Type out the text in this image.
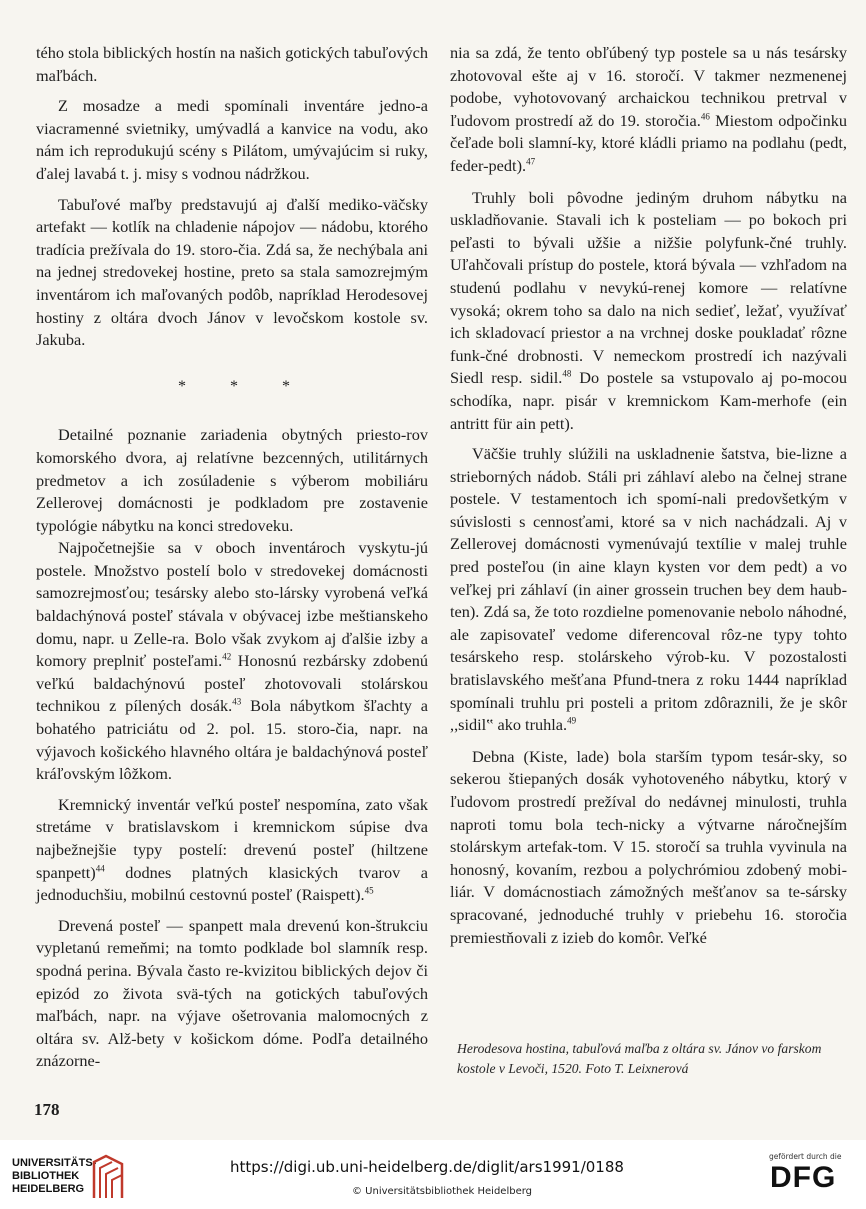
tého stola biblických hostín na našich gotických tabuľových maľbách.

Z mosadze a medi spomínali inventáre jedno-a viacramenné svietniky, umývadlá a kanvice na vodu, ako nám ich reprodukujú scény s Pilátom, umývajúcim si ruky, ďalej lavabá t. j. misy s vodnou nádržkou.

Tabuľové maľby predstavujú aj ďalší mediko-väčsky artefakt — kotlík na chladenie nápojov — nádobu, ktorého tradícia prežívala do 19. storo-čia. Zdá sa, že nechýbala ani na jednej stredovekej hostine, preto sa stala samozrejmým inventárom ich maľovaných podôb, napríklad Herodesovej hostiny z oltára dvoch Jánov v levočskom kostole sv. Jakuba.

* * *

Detailné poznanie zariadenia obytných priesto-rov komorského dvora, aj relatívne bezcenných, utilitárnych predmetov a ich zosúladenie s výberom mobiliáru Zellerovej domácnosti je podkladom pre zostavenie typológie nábytku na konci stredoveku.

Najpočetnejšie sa v oboch inventároch vyskytu-jú postele. Množstvo postelí bolo v stredovekej domácnosti samozrejmosťou; tesársky alebo sto-lársky vyrobená veľká baldachýnová posteľ stávala v obývacej izbe meštianskeho domu, napr. u Zelle-ra. Bolo však zvykom aj ďalšie izby a komory preplniť posteľami.$^{42}$ Honosnú rezbársky zdobenú veľkú baldachýnovú posteľ zhotovovali stolárskou technikou z pílených dosák.$^{43}$ Bola nábytkom šľachty a bohatého patriciátu od 2. pol. 15. storo-čia, napr. na výjavoch košického hlavného oltára je baldachýnová posteľ kráľovským lôžkom.

Kremnický inventár veľkú posteľ nespomína, zato však stretáme v bratislavskom i kremnickom súpise dva najbežnejšie typy postelí: drevenú posteľ (hiltzene spanpett)$^{44}$ dodnes platných klasických tvarov a jednoduchšiu, mobilnú cestovnú posteľ (Raispett).$^{45}$

Drevená posteľ — spanpett mala drevenú kon-štrukciu vypletanú remeňmi; na tomto podklade bol slamník resp. spodná perina. Bývala často re-kvizitou biblických dejov či epizód zo života svä-tých na gotických tabuľových maľbách, napr. na výjave ošetrovania malomocných z oltára sv. Alž-bety v košickom dóme. Podľa detailného znázorne-

nia sa zdá, že tento obľúbený typ postele sa u nás tesársky zhotovoval ešte aj v 16. storočí. V takmer nezmenenej podobe, vyhotovovaný archaickou technikou pretrval v ľudovom prostredí až do 19. storočia.$^{46}$ Miestom odpočinku čeľade boli slamní-ky, ktoré kládli priamo na podlahu (pedt, feder-pedt).$^{47}$

Truhly boli pôvodne jediným druhom nábytku na uskladňovanie. Stavali ich k posteliam — po bokoch pri peľasti to bývali užšie a nižšie polyfunk-čné truhly. Uľahčovali prístup do postele, ktorá bývala — vzhľadom na studenú podlahu v nevykú-renej komore — relatívne vysoká; okrem toho sa dalo na nich sedieť, ležať, využívať ich skladovací priestor a na vrchnej doske poukladať rôzne funk-čné drobnosti. V nemeckom prostredí ich nazývali Siedl resp. sidil.$^{48}$ Do postele sa vstupovalo aj po-mocou schodíka, napr. pisár v kremnickom Kam-merhofe (ein antritt für ain pett).

Väčšie truhly slúžili na uskladnenie šatstva, bie-lizne a strieborných nádob. Stáli pri záhlaví alebo na čelnej strane postele. V testamentoch ich spomí-nali predovšetkým v súvislosti s cennosťami, ktoré sa v nich nachádzali. Aj v Zellerovej domácnosti vymenúvajú textílie v malej truhle pred posteľou (in aine klayn kysten vor dem pedt) a vo veľkej pri záhlaví (in ainer grossein truchen bey dem haub-ten). Zdá sa, že toto rozdielne pomenovanie nebolo náhodné, ale zapisovateľ vedome diferencoval rôz-ne typy tohto tesárskeho resp. stolárskeho výrob-ku. V pozostalosti bratislavského mešťana Pfund-tnera z roku 1444 napríklad spomínali truhlu pri posteli a pritom zdôraznili, že je skôr ,,sidil‟ ako truhla.$^{49}$

Debna (Kiste, lade) bola starším typom tesár-sky, so sekerou štiepaných dosák vyhotoveného nábytku, ktorý v ľudovom prostredí prežíval do nedávnej minulosti, truhla naproti tomu bola tech-nicky a výtvarne náročnejším stolárskym artefak-tom. V 15. storočí sa truhla vyvinula na honosný, kovaním, rezbou a polychrómiou zdobený mobi-liár. V domácnostiach zámožných mešťanov sa te-sársky spracované, jednoduché truhly v priebehu 16. storočia premiestňovali z izieb do komôr. Veľké

Herodesova hostina, tabuľová maľba z oltára sv. Jánov vo farskom
kostole v Levoči, 1520. Foto T. Leixnerová
178
UNIVERSITÄTS-
BIBLIOTHEK
HEIDELBERG
https://digi.ub.uni-heidelberg.de/diglit/ars1991/0188
© Universitätsbibliothek Heidelberg
gefördert durch die
DFG
